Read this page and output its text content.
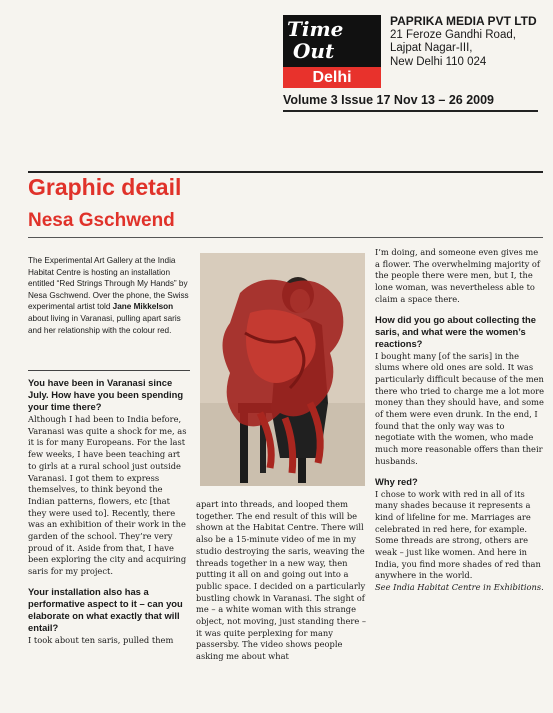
Time
Out
Delhi
PAPRIKA MEDIA PVT LTD
21 Feroze Gandhi Road,
Lajpat Nagar-III,
New Delhi 110 024
Volume 3 Issue 17 Nov 13 – 26 2009
Graphic detail
Nesa Gschwend
The Experimental Art Gallery at the India Habitat Centre is hosting an installation entitled “Red Strings Through My Hands” by Nesa Gschwend. Over the phone, the Swiss experimental artist told Jane Mikkelson about living in Varanasi, pulling apart saris and her relationship with the colour red.
You have been in Varanasi since July. How have you been spending your time there?
Although I had been to India before, Varanasi was quite a shock for me, as it is for many Europeans. For the last few weeks, I have been teaching art to girls at a rural school just outside Varanasi. I got them to express themselves, to think beyond the Indian patterns, flowers, etc [that they were used to]. Recently, there was an exhibition of their work in the garden of the school. They’re very proud of it. Aside from that, I have been exploring the city and acquiring saris for my project.
Your installation also has a performative aspect to it – can you elaborate on what exactly that will entail?
I took about ten saris, pulled them
apart into threads, and looped them together. The end result of this will be shown at the Habitat Centre. There will also be a 15-minute video of me in my studio destroying the saris, weaving the threads together in a new way, then putting it all on and going out into a public space. I decided on a particularly bustling chowk in Varanasi. The sight of me – a white woman with this strange object, not moving, just standing there – it was quite perplexing for many passersby. The video shows people asking me about what
I’m doing, and someone even gives me a flower. The overwhelming majority of the people there were men, but I, the lone woman, was nevertheless able to claim a space there.
How did you go about collecting the saris, and what were the women’s reactions?
I bought many [of the saris] in the slums where old ones are sold. It was particularly difficult because of the men there who tried to charge me a lot more money than they should have, and some of them were even drunk. In the end, I found that the only way was to negotiate with the women, who made much more reasonable offers than their husbands.
Why red?
I chose to work with red in all of its many shades because it represents a kind of lifeline for me. Marriages are celebrated in red here, for example. Some threads are strong, others are weak – just like women. And here in India, you find more shades of red than anywhere in the world.
See India Habitat Centre in Exhibitions.
